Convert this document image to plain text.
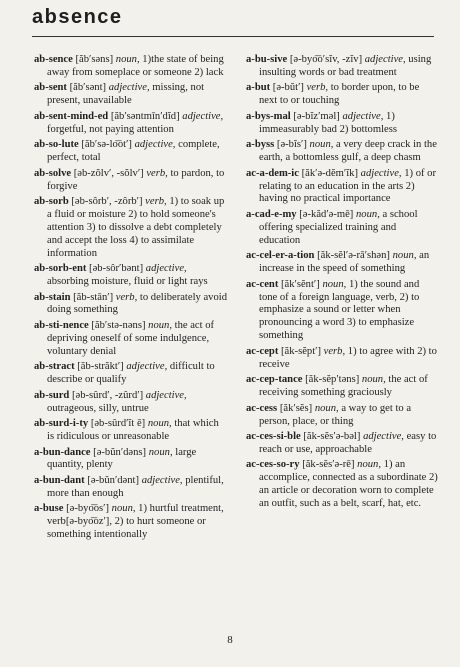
absence
ab-sence [ăb′səns] noun, 1)the state of being away from someplace or someone 2) lack
ab-sent [ăb′sənt] adjective, missing, not present, unavailable
ab-sent-mind-ed [ăb′səntmīn′dĭd] adjective, forgetful, not paying attention
ab-so-lute [ăb′sə-lo͞ot′] adjective, complete, perfect, total
ab-solve [əb-zŏlv′, -sŏlv′] verb, to pardon, to forgive
ab-sorb [əb-sôrb′, -zôrb′] verb, 1) to soak up a fluid or moisture 2) to hold someone's attention 3) to dissolve a debt completely and accept the loss 4) to assimilate information
ab-sorb-ent [əb-sôr′bənt] adjective, absorbing moisture, fluid or light rays
ab-stain [ăb-stān′] verb, to deliberately avoid doing something
ab-sti-nence [ăb′stə-nəns] noun, the act of depriving oneself of some indulgence, voluntary denial
ab-stract [ăb-străkt′] adjective, difficult to describe or qualify
ab-surd [əb-sûrd′, -zûrd′] adjective, outrageous, silly, untrue
ab-surd-i-ty [əb-sûrd′ĭt ē] noun, that which is ridiculous or unreasonable
a-bun-dance [ə-bŭn′dəns] noun, large quantity, plenty
a-bun-dant [ə-bŭn′dənt] adjective, plentiful, more than enough
a-buse [ə-byo͞os′] noun, 1) hurtful treatment, verb[ə-byo͞oz′], 2) to hurt someone or something intentionally
a-bu-sive [ə-byo͞o′sĭv, -zĭv] adjective, using insulting words or bad treatment
a-but [ə-bŭt′] verb, to border upon, to be next to or touching
a-bys-mal [ə-bĭz′məl] adjective, 1) immeasurably bad 2) bottomless
a-byss [ə-bĭs′] noun, a very deep crack in the earth, a bottomless gulf, a deep chasm
ac-a-dem-ic [ăk′ə-dĕm′ĭk] adjective, 1) of or relating to an education in the arts 2) having no practical importance
a-cad-e-my [ə-kăd′ə-mē] noun, a school offering specialized training and education
ac-cel-er-a-tion [ăk-sĕl′ə-rā′shən] noun, an increase in the speed of something
ac-cent [ăk′sĕnt′] noun, 1) the sound and tone of a foreign language, verb, 2) to emphasize a sound or letter when pronouncing a word 3) to emphasize something
ac-cept [ăk-sĕpt′] verb, 1) to agree with 2) to receive
ac-cep-tance [ăk-sĕp′təns] noun, the act of receiving something graciously
ac-cess [ăk′sĕs] noun, a way to get to a person, place, or thing
ac-ces-si-ble [ăk-sĕs′ə-bəl] adjective, easy to reach or use, approachable
ac-ces-so-ry [ăk-sĕs′ə-rē] noun, 1) an accomplice, connected as a subordinate 2) an article or decoration worn to complete an outfit, such as a belt, scarf, hat, etc.
8
